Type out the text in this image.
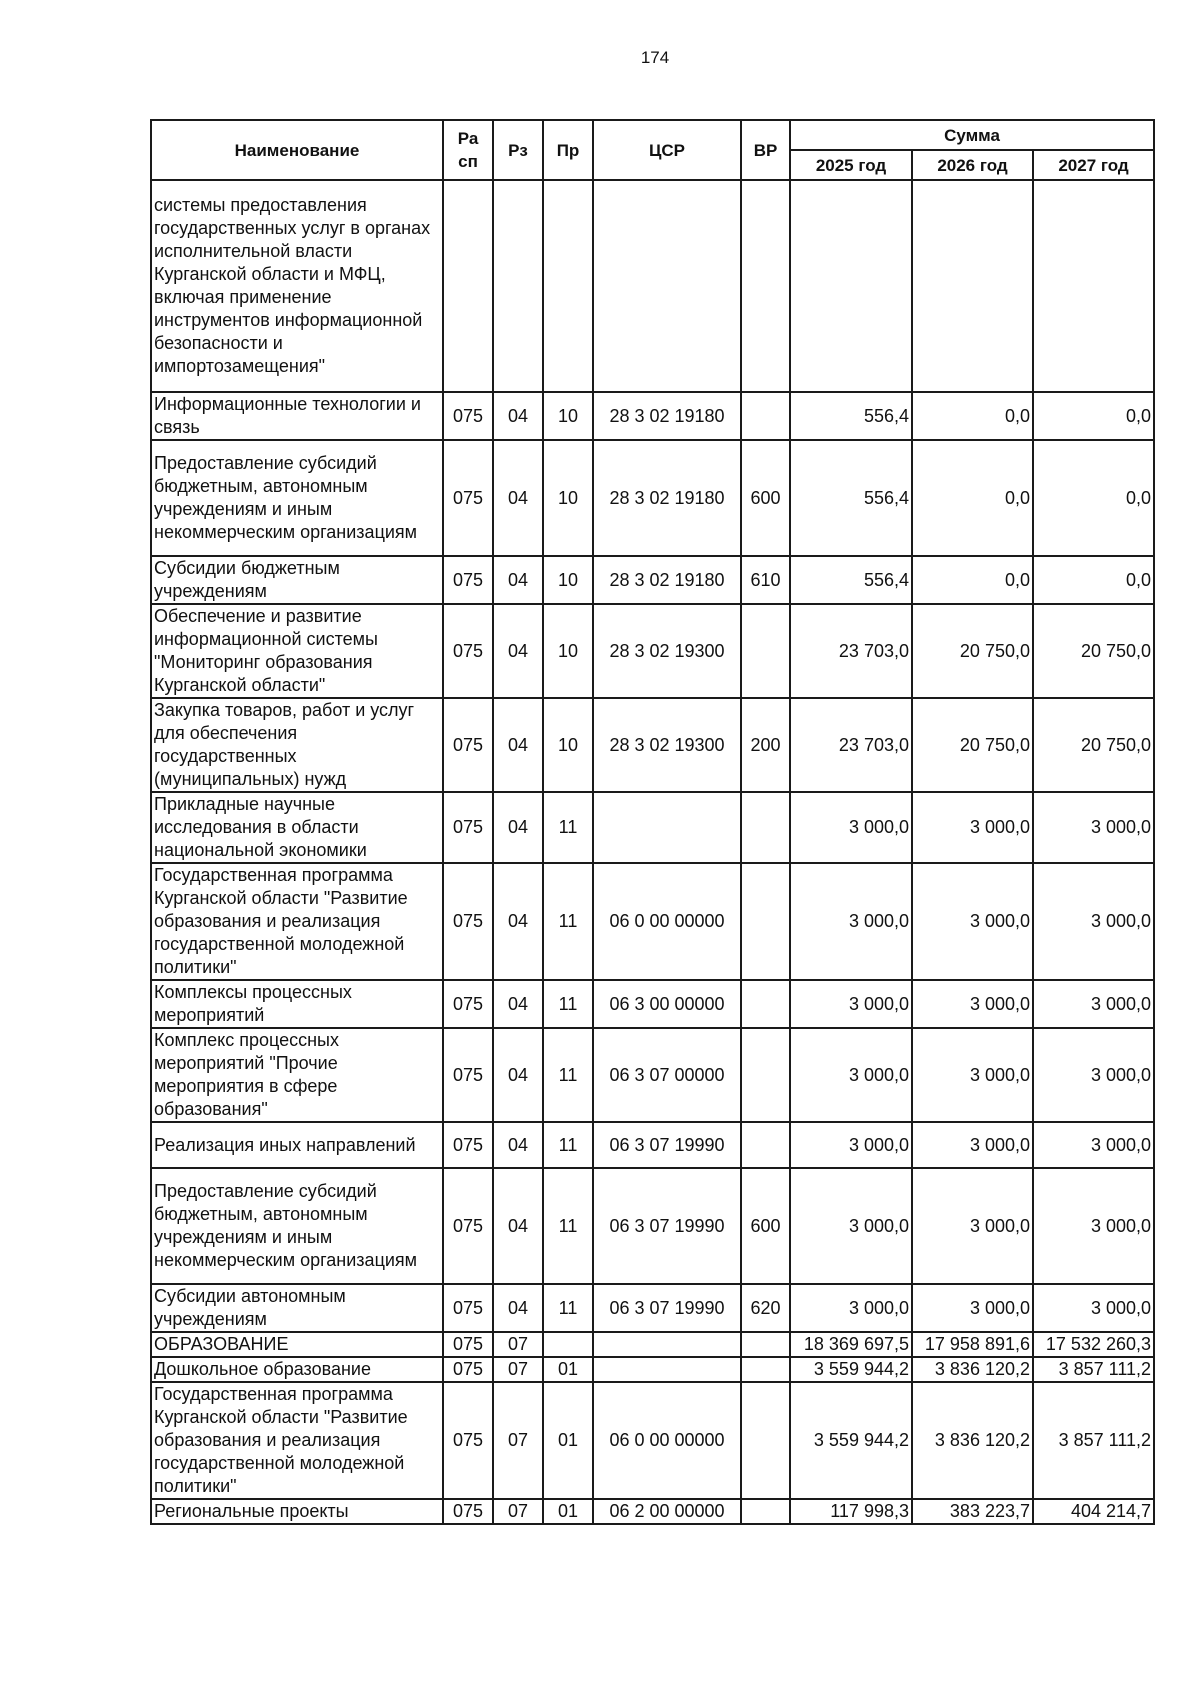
174
Наименование	Ра сп	Рз	Пр	ЦСР	ВР	Сумма		
						2025 год	2026 год	2027 год
системы предоставления государственных услуг в органах исполнительной власти Курганской области и МФЦ, включая применение инструментов информационной безопасности и импортозамещения"								
Информационные технологии и связь	075	04	10	28 3 02 19180		556,4	0,0	0,0
Предоставление субсидий бюджетным, автономным учреждениям и иным некоммерческим организациям	075	04	10	28 3 02 19180	600	556,4	0,0	0,0
Субсидии бюджетным учреждениям	075	04	10	28 3 02 19180	610	556,4	0,0	0,0
Обеспечение и развитие информационной системы "Мониторинг образования Курганской области"	075	04	10	28 3 02 19300		23 703,0	20 750,0	20 750,0
Закупка товаров, работ и услуг для обеспечения государственных (муниципальных) нужд	075	04	10	28 3 02 19300	200	23 703,0	20 750,0	20 750,0
Прикладные научные исследования в области национальной экономики	075	04	11			3 000,0	3 000,0	3 000,0
Государственная программа Курганской области "Развитие образования и реализация государственной молодежной политики"	075	04	11	06 0 00 00000		3 000,0	3 000,0	3 000,0
Комплексы процессных мероприятий	075	04	11	06 3 00 00000		3 000,0	3 000,0	3 000,0
Комплекс процессных мероприятий "Прочие мероприятия в сфере образования"	075	04	11	06 3 07 00000		3 000,0	3 000,0	3 000,0
Реализация иных направлений	075	04	11	06 3 07 19990		3 000,0	3 000,0	3 000,0
Предоставление субсидий бюджетным, автономным учреждениям и иным некоммерческим организациям	075	04	11	06 3 07 19990	600	3 000,0	3 000,0	3 000,0
Субсидии автономным учреждениям	075	04	11	06 3 07 19990	620	3 000,0	3 000,0	3 000,0
ОБРАЗОВАНИЕ	075	07				18 369 697,5	17 958 891,6	17 532 260,3
Дошкольное образование	075	07	01			3 559 944,2	3 836 120,2	3 857 111,2
Государственная программа Курганской области "Развитие образования и реализация государственной молодежной политики"	075	07	01	06 0 00 00000		3 559 944,2	3 836 120,2	3 857 111,2
Региональные проекты	075	07	01	06 2 00 00000		117 998,3	383 223,7	404 214,7
